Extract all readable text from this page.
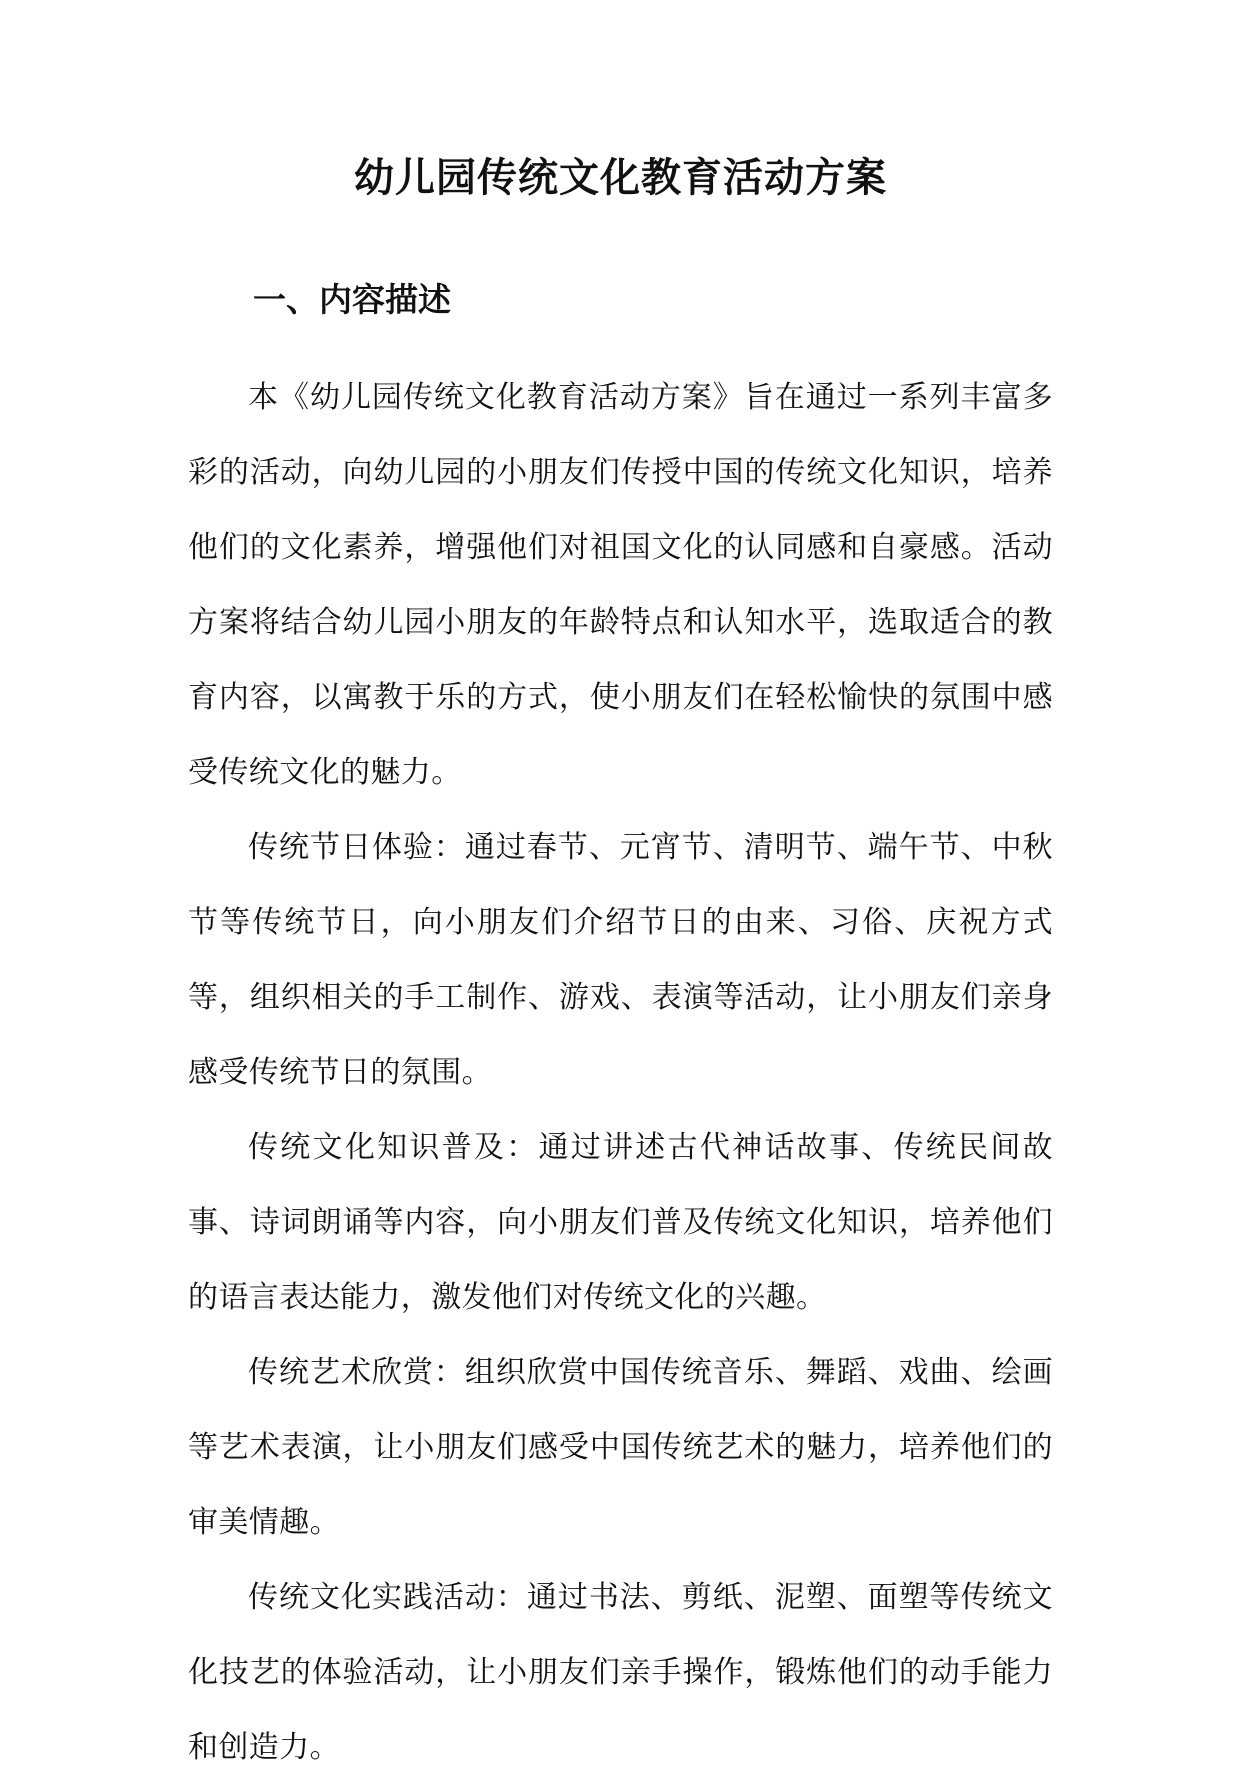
幼儿园传统文化教育活动方案
一、内容描述

本《幼儿园传统文化教育活动方案》旨在通过一系列丰富多彩的活动，向幼儿园的小朋友们传授中国的传统文化知识，培养他们的文化素养，增强他们对祖国文化的认同感和自豪感。活动方案将结合幼儿园小朋友的年龄特点和认知水平，选取适合的教育内容，以寓教于乐的方式，使小朋友们在轻松愉快的氛围中感受传统文化的魅力。

传统节日体验：通过春节、元宵节、清明节、端午节、中秋节等传统节日，向小朋友们介绍节日的由来、习俗、庆祝方式等，组织相关的手工制作、游戏、表演等活动，让小朋友们亲身感受传统节日的氛围。

传统文化知识普及：通过讲述古代神话故事、传统民间故事、诗词朗诵等内容，向小朋友们普及传统文化知识，培养他们的语言表达能力，激发他们对传统文化的兴趣。

传统艺术欣赏：组织欣赏中国传统音乐、舞蹈、戏曲、绘画等艺术表演，让小朋友们感受中国传统艺术的魅力，培养他们的审美情趣。

传统文化实践活动：通过书法、剪纸、泥塑、面塑等传统文化技艺的体验活动，让小朋友们亲手操作，锻炼他们的动手能力和创造力。
